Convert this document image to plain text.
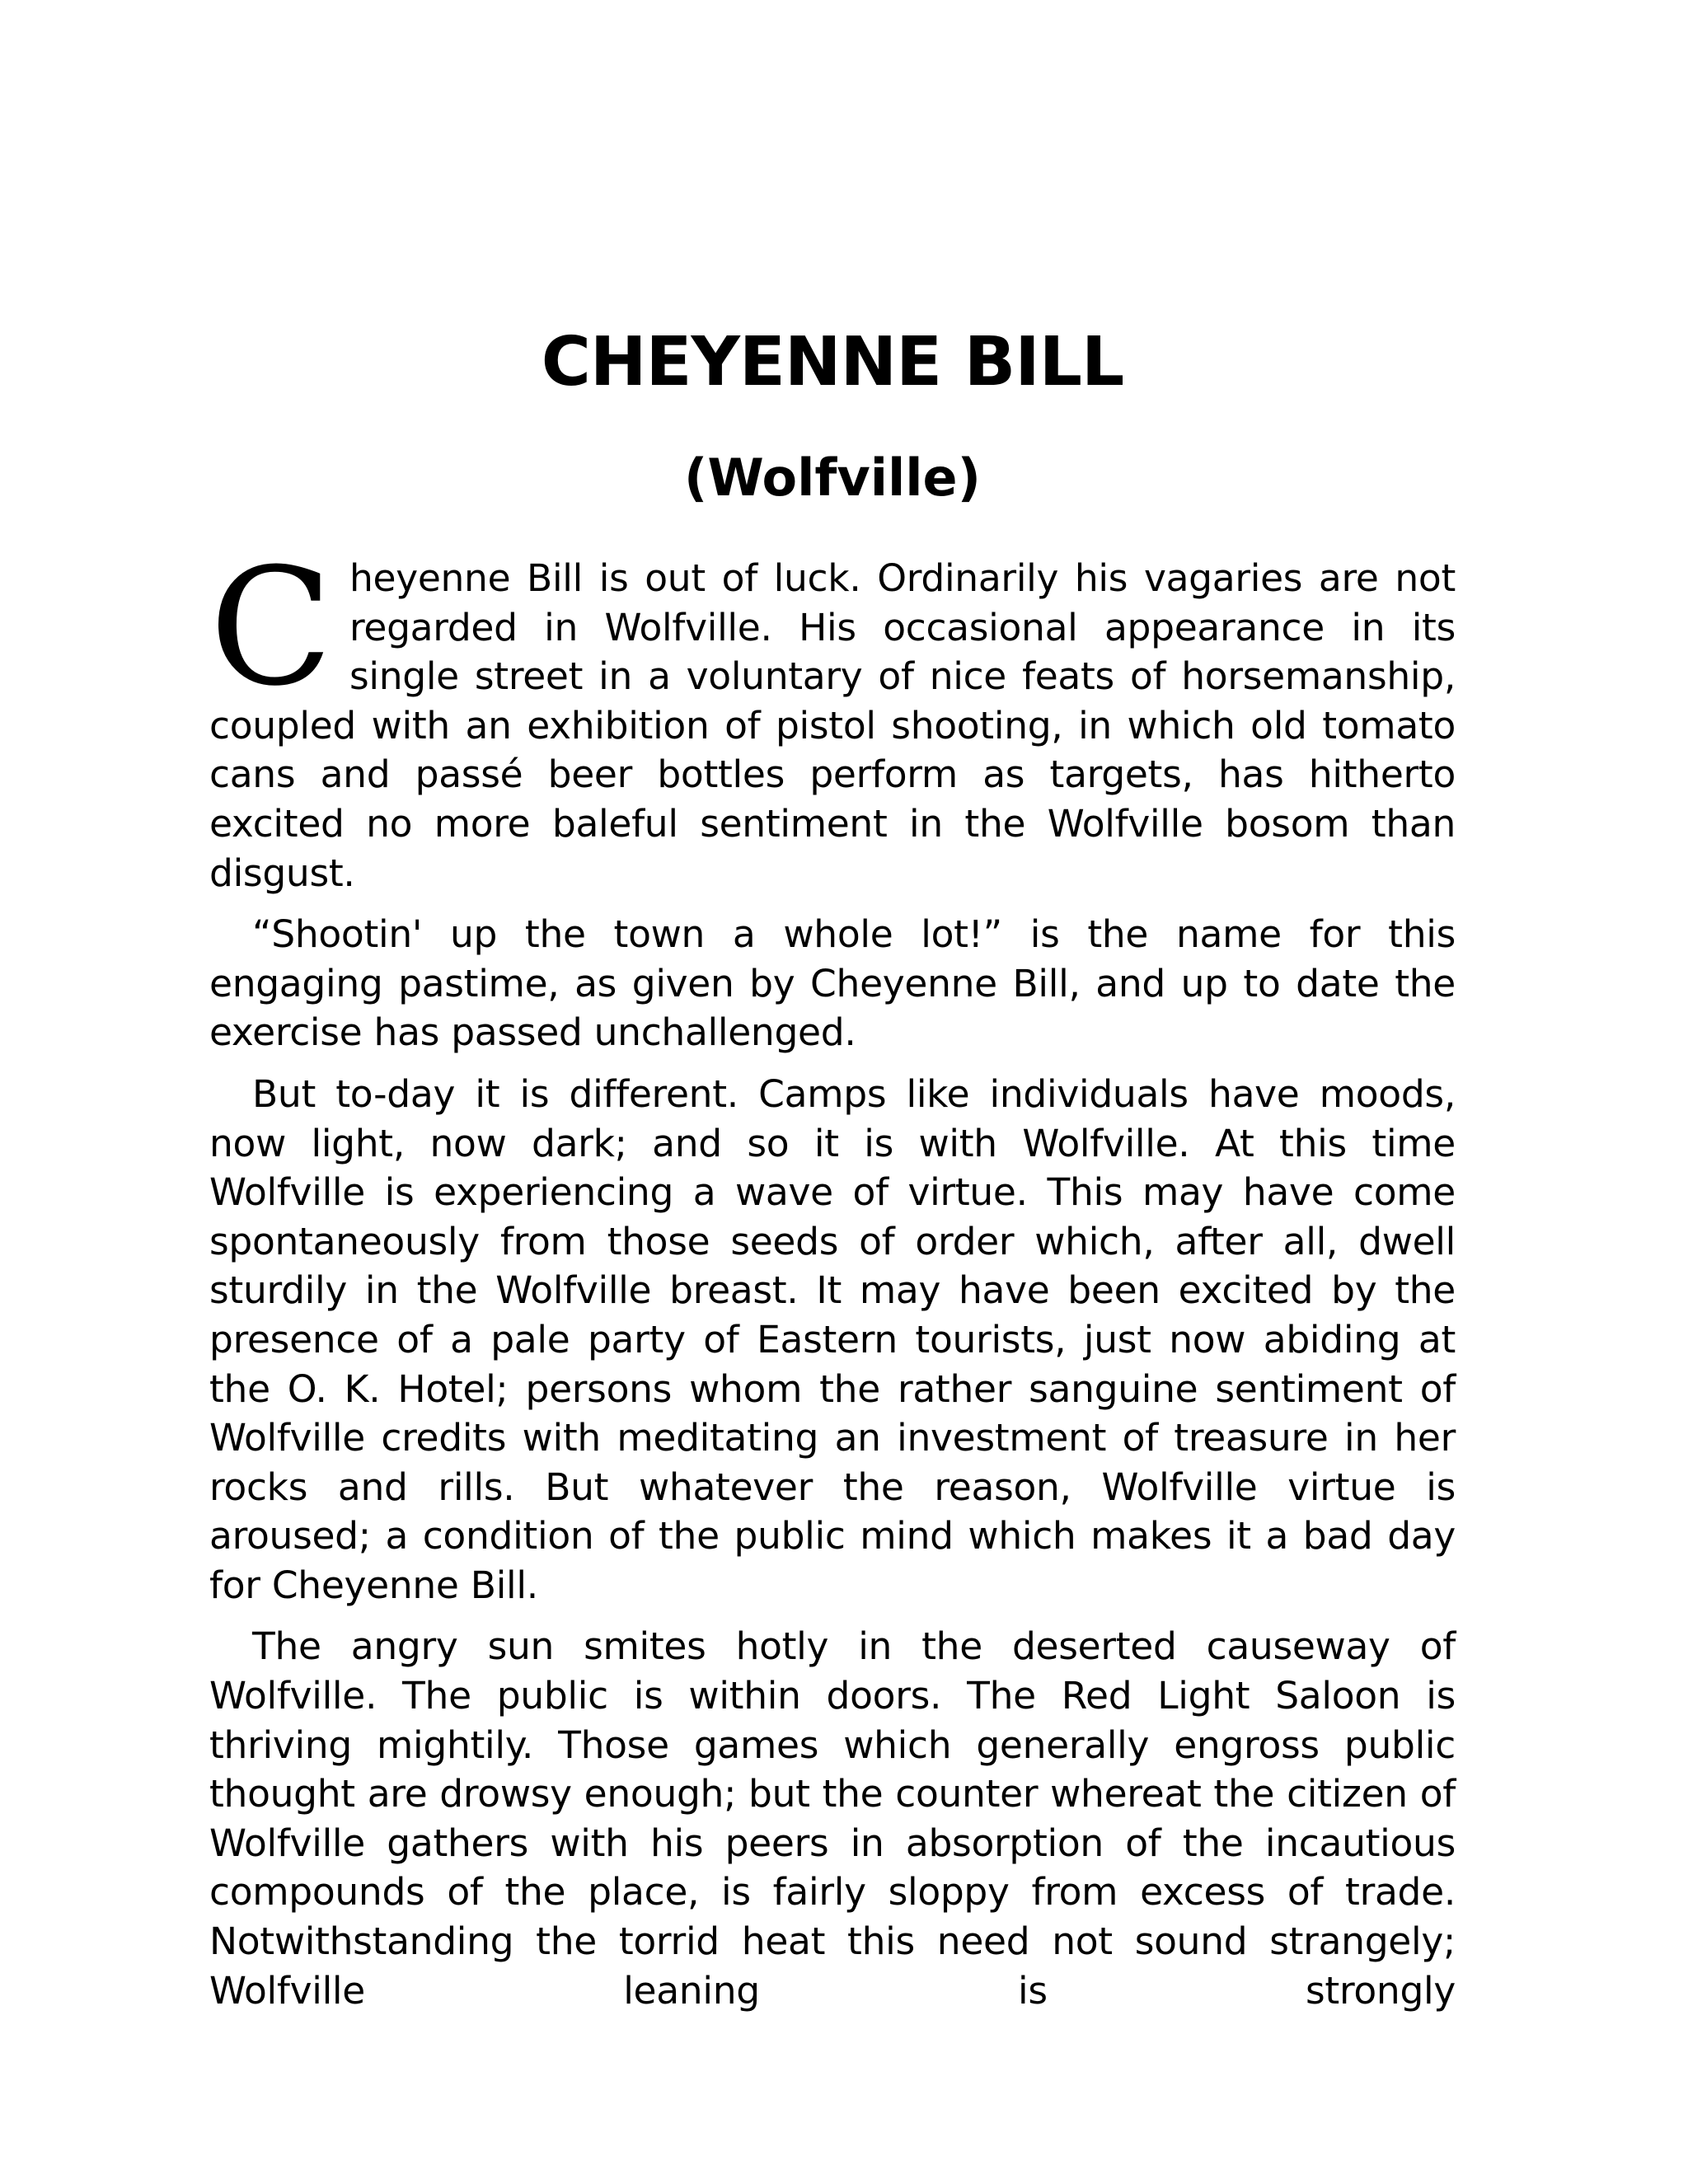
CHEYENNE BILL
(Wolfville)

Cheyenne Bill is out of luck. Ordinarily his vagaries are not regarded in Wolfville. His occasional appearance in its single street in a voluntary of nice feats of horsemanship, coupled with an exhibition of pistol shooting, in which old tomato cans and passé beer bottles perform as targets, has hitherto excited no more baleful sentiment in the Wolfville bosom than disgust.

“Shootin' up the town a whole lot!” is the name for this engaging pastime, as given by Cheyenne Bill, and up to date the exercise has passed unchallenged.

But to-day it is different. Camps like individuals have moods, now light, now dark; and so it is with Wolfville. At this time Wolfville is experiencing a wave of virtue. This may have come spontaneously from those seeds of order which, after all, dwell sturdily in the Wolfville breast. It may have been excited by the presence of a pale party of Eastern tourists, just now abiding at the O. K. Hotel; persons whom the rather sanguine sentiment of Wolfville credits with meditating an investment of treasure in her rocks and rills. But whatever the reason, Wolfville virtue is aroused; a condition of the public mind which makes it a bad day for Cheyenne Bill.

The angry sun smites hotly in the deserted causeway of Wolfville. The public is within doors. The Red Light Saloon is thriving mightily. Those games which generally engross public thought are drowsy enough; but the counter whereat the citizen of Wolfville gathers with his peers in absorption of the incautious compounds of the place, is fairly sloppy from excess of trade. Notwithstanding the torrid heat this need not sound strangely; Wolfville leaning is strongly
